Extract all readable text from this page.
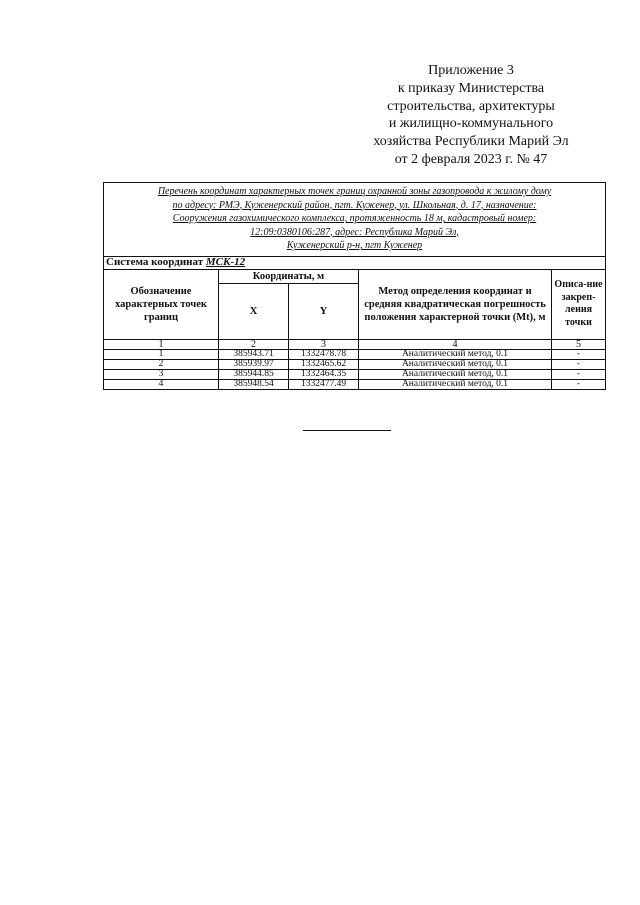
Приложение 3
к приказу Министерства
строительства, архитектуры
и жилищно-коммунального
хозяйства Республики Марий Эл
от 2 февраля 2023 г. № 47
Перечень координат характерных точек границ охранной зоны газопровода к жилому дому
по адресу: РМЭ, Куженерский район, пгт. Куженер, ул. Школьная, д. 17, назначение:
Сооружения газохимического комплекса, протяженность 18 м, кадастровый номер:
12:09:0380106:287, адрес: Республика Марий Эл,
Куженерский р-н, пгт Куженер				

Система координат МСК-12				
Обозначение характерных точек границ	Координаты, м		Метод определения координат и средняя квадратическая погрешность положения характерной точки (Mt), м	Описа-ние закреп-ления точки
	X	Y		
1	2	3	4	5
1	385943.71	1332478.78	Аналитический метод, 0.1	-
2	385939.97	1332465.62	Аналитический метод, 0.1	-
3	385944.85	1332464.35	Аналитический метод, 0.1	-
4	385948.54	1332477.49	Аналитический метод, 0.1	-
